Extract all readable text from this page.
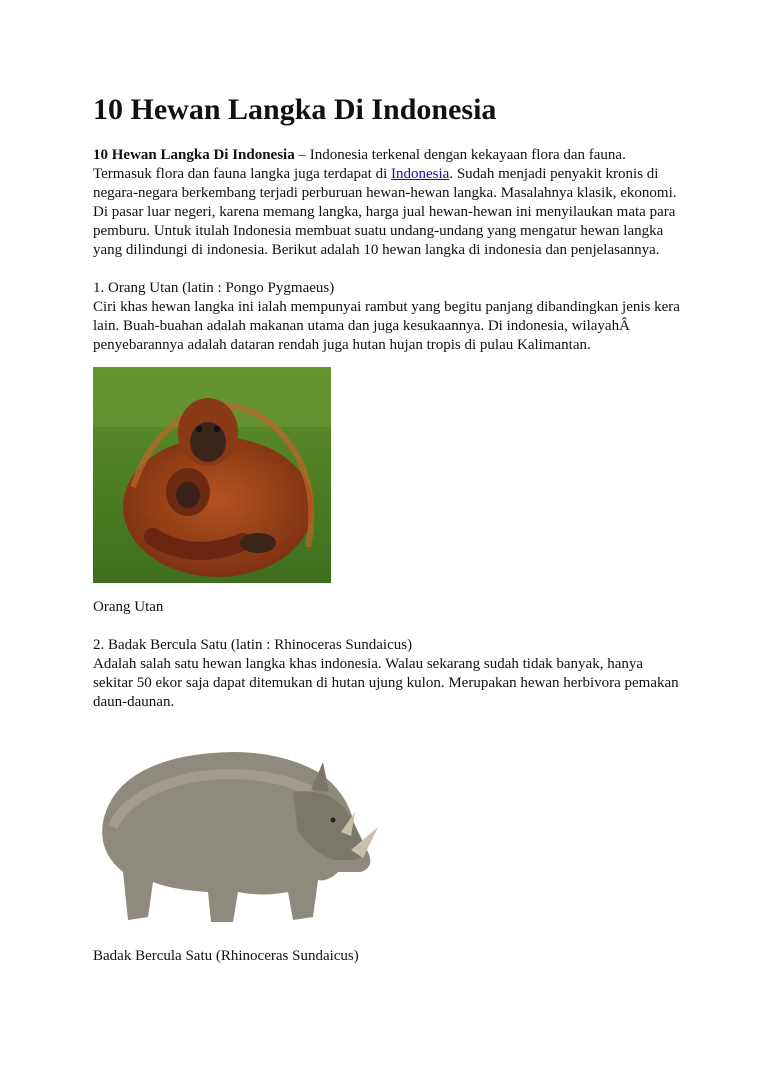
10 Hewan Langka Di Indonesia

10 Hewan Langka Di Indonesia – Indonesia terkenal dengan kekayaan flora dan fauna. Termasuk flora dan fauna langka juga terdapat di Indonesia. Sudah menjadi penyakit kronis di negara-negara berkembang terjadi perburuan hewan-hewan langka. Masalahnya klasik, ekonomi. Di pasar luar negeri, karena memang langka, harga jual hewan-hewan ini menyilaukan mata para pemburu. Untuk itulah Indonesia membuat suatu undang-undang yang mengatur hewan langka yang dilindungi di indonesia. Berikut adalah 10 hewan langka di indonesia dan penjelasannya.

1. Orang Utan (latin : Pongo Pygmaeus)

Ciri khas hewan langka ini ialah mempunyai rambut yang begitu panjang dibandingkan jenis kera lain. Buah-buahan adalah makanan utama dan juga kesukaannya. Di indonesia, wilayahÂ penyebarannya adalah dataran rendah juga hutan hujan tropis di pulau Kalimantan.

Orang Utan

2. Badak Bercula Satu (latin : Rhinoceras Sundaicus)

Adalah salah satu hewan langka khas indonesia. Walau sekarang sudah tidak banyak, hanya sekitar 50 ekor saja dapat ditemukan di hutan ujung kulon. Merupakan hewan herbivora pemakan daun-daunan.

Badak Bercula Satu (Rhinoceras Sundaicus)
